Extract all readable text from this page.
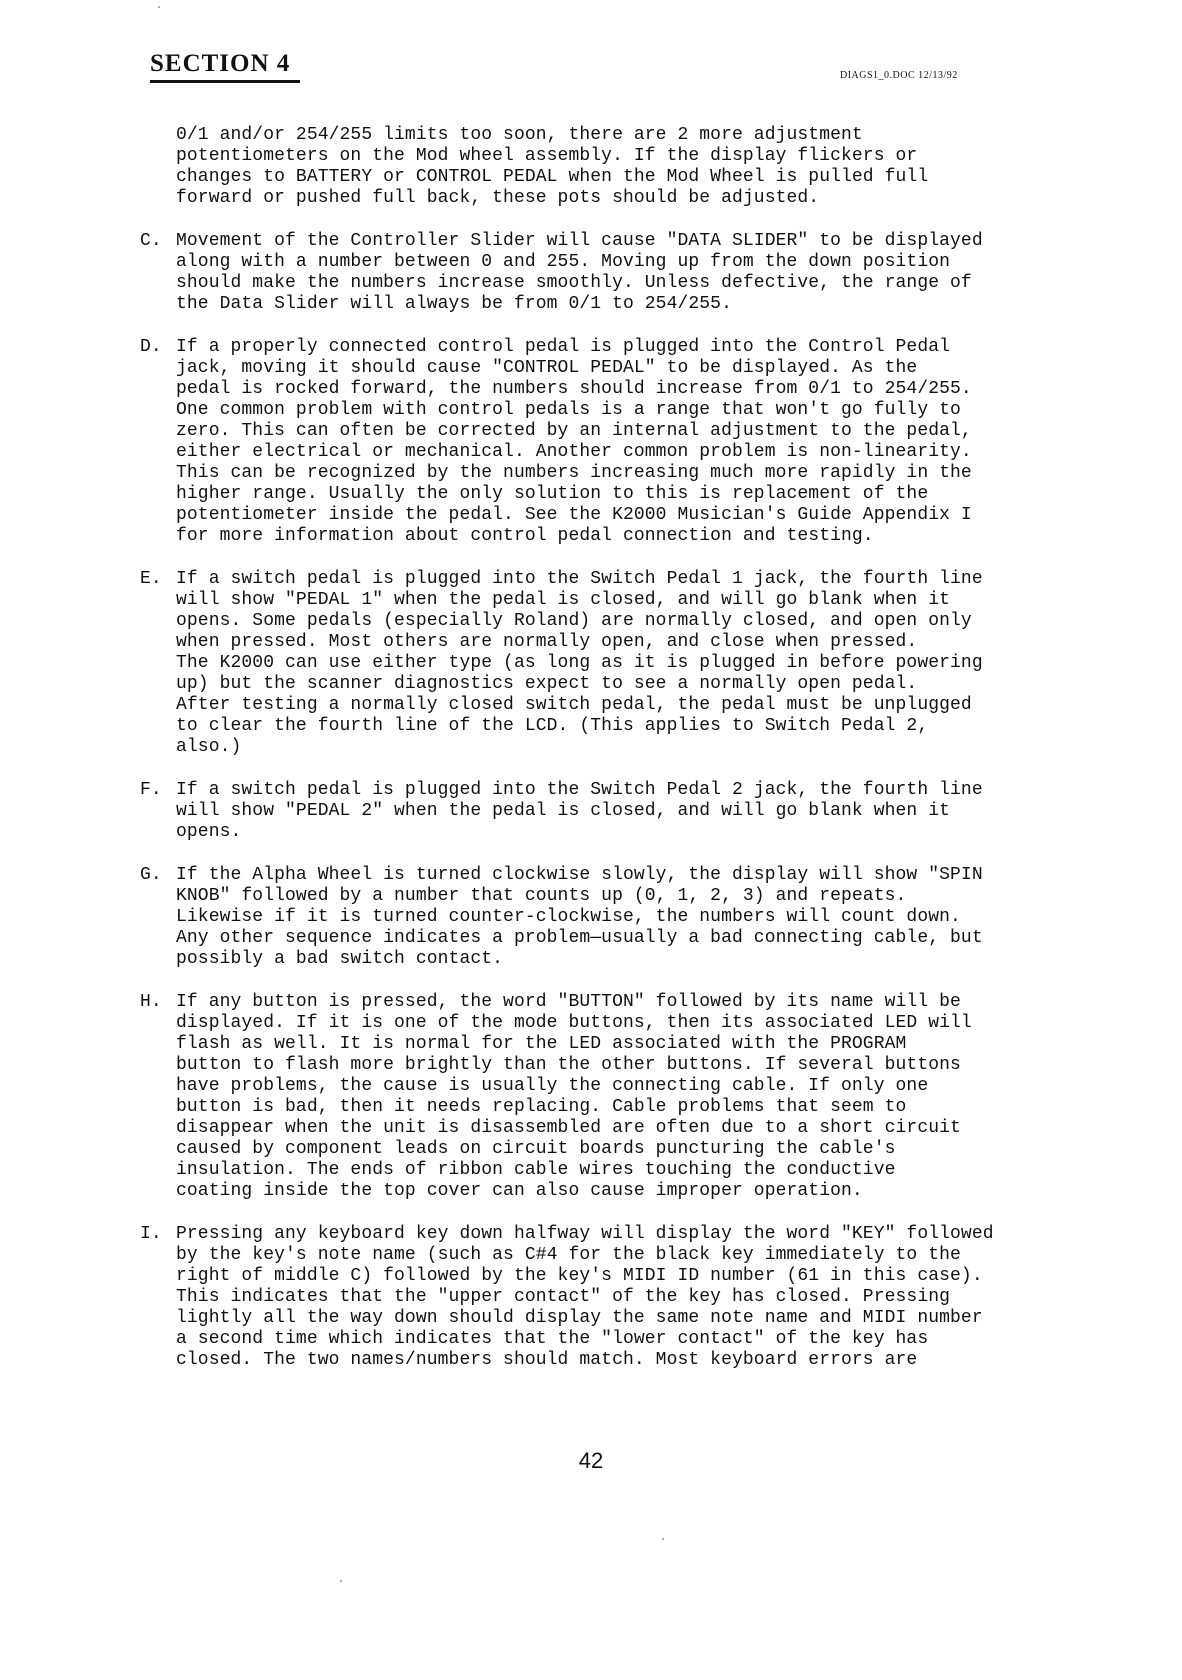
SECTION 4	DIAGS1_0.DOC 12/13/92
0/1 and/or 254/255 limits too soon, there are 2 more adjustment
potentiometers on the Mod wheel assembly. If the display flickers or
changes to BATTERY or CONTROL PEDAL when the Mod Wheel is pulled full
forward or pushed full back, these pots should be adjusted.
C. Movement of the Controller Slider will cause "DATA SLIDER" to be displayed
along with a number between 0 and 255. Moving up from the down position
should make the numbers increase smoothly. Unless defective, the range of
the Data Slider will always be from 0/1 to 254/255.
D. If a properly connected control pedal is plugged into the Control Pedal
jack, moving it should cause "CONTROL PEDAL" to be displayed. As the
pedal is rocked forward, the numbers should increase from 0/1 to 254/255.
One common problem with control pedals is a range that won't go fully to
zero. This can often be corrected by an internal adjustment to the pedal,
either electrical or mechanical. Another common problem is non-linearity.
This can be recognized by the numbers increasing much more rapidly in the
higher range. Usually the only solution to this is replacement of the
potentiometer inside the pedal. See the K2000 Musician's Guide Appendix I
for more information about control pedal connection and testing.
E. If a switch pedal is plugged into the Switch Pedal 1 jack, the fourth line
will show "PEDAL 1" when the pedal is closed, and will go blank when it
opens. Some pedals (especially Roland) are normally closed, and open only
when pressed. Most others are normally open, and close when pressed.
The K2000 can use either type (as long as it is plugged in before powering
up) but the scanner diagnostics expect to see a normally open pedal.
After testing a normally closed switch pedal, the pedal must be unplugged
to clear the fourth line of the LCD. (This applies to Switch Pedal 2,
also.)
F. If a switch pedal is plugged into the Switch Pedal 2 jack, the fourth line
will show "PEDAL 2" when the pedal is closed, and will go blank when it
opens.
G. If the Alpha Wheel is turned clockwise slowly, the display will show "SPIN
KNOB" followed by a number that counts up (0, 1, 2, 3) and repeats.
Likewise if it is turned counter-clockwise, the numbers will count down.
Any other sequence indicates a problem—usually a bad connecting cable, but
possibly a bad switch contact.
H. If any button is pressed, the word "BUTTON" followed by its name will be
displayed. If it is one of the mode buttons, then its associated LED will
flash as well. It is normal for the LED associated with the PROGRAM
button to flash more brightly than the other buttons. If several buttons
have problems, the cause is usually the connecting cable. If only one
button is bad, then it needs replacing. Cable problems that seem to
disappear when the unit is disassembled are often due to a short circuit
caused by component leads on circuit boards puncturing the cable's
insulation. The ends of ribbon cable wires touching the conductive
coating inside the top cover can also cause improper operation.
I. Pressing any keyboard key down halfway will display the word "KEY" followed
by the key's note name (such as C#4 for the black key immediately to the
right of middle C) followed by the key's MIDI ID number (61 in this case).
This indicates that the "upper contact" of the key has closed. Pressing
lightly all the way down should display the same note name and MIDI number
a second time which indicates that the "lower contact" of the key has
closed. The two names/numbers should match. Most keyboard errors are
42
